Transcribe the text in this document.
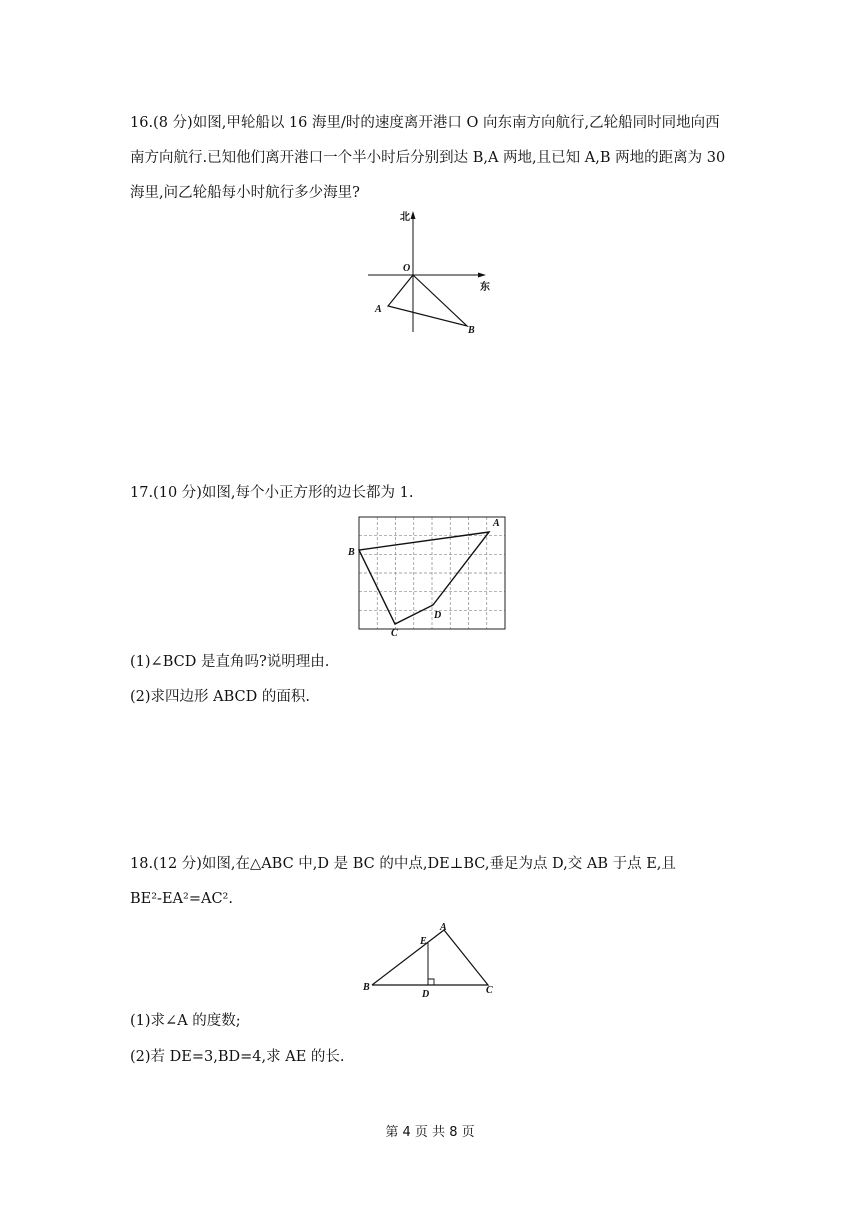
16.(8 分)如图,甲轮船以 16 海里/时的速度离开港口 O 向东南方向航行,乙轮船同时同地向西
南方向航行.已知他们离开港口一个半小时后分别到达 B,A 两地,且已知 A,B 两地的距离为 30
海里,问乙轮船每小时航行多少海里?
北
东
O
A
B
17.(10 分)如图,每个小正方形的边长都为 1.
A
B
C
D
(1)∠BCD 是直角吗?说明理由.
(2)求四边形 ABCD 的面积.
18.(12 分)如图,在△ABC 中,D 是 BC 的中点,DE⊥BC,垂足为点 D,交 AB 于点 E,且
BE²-EA²=AC².
A
B	C
D
E
(1)求∠A 的度数;
(2)若 DE=3,BD=4,求 AE 的长.
第 4 页 共 8 页
